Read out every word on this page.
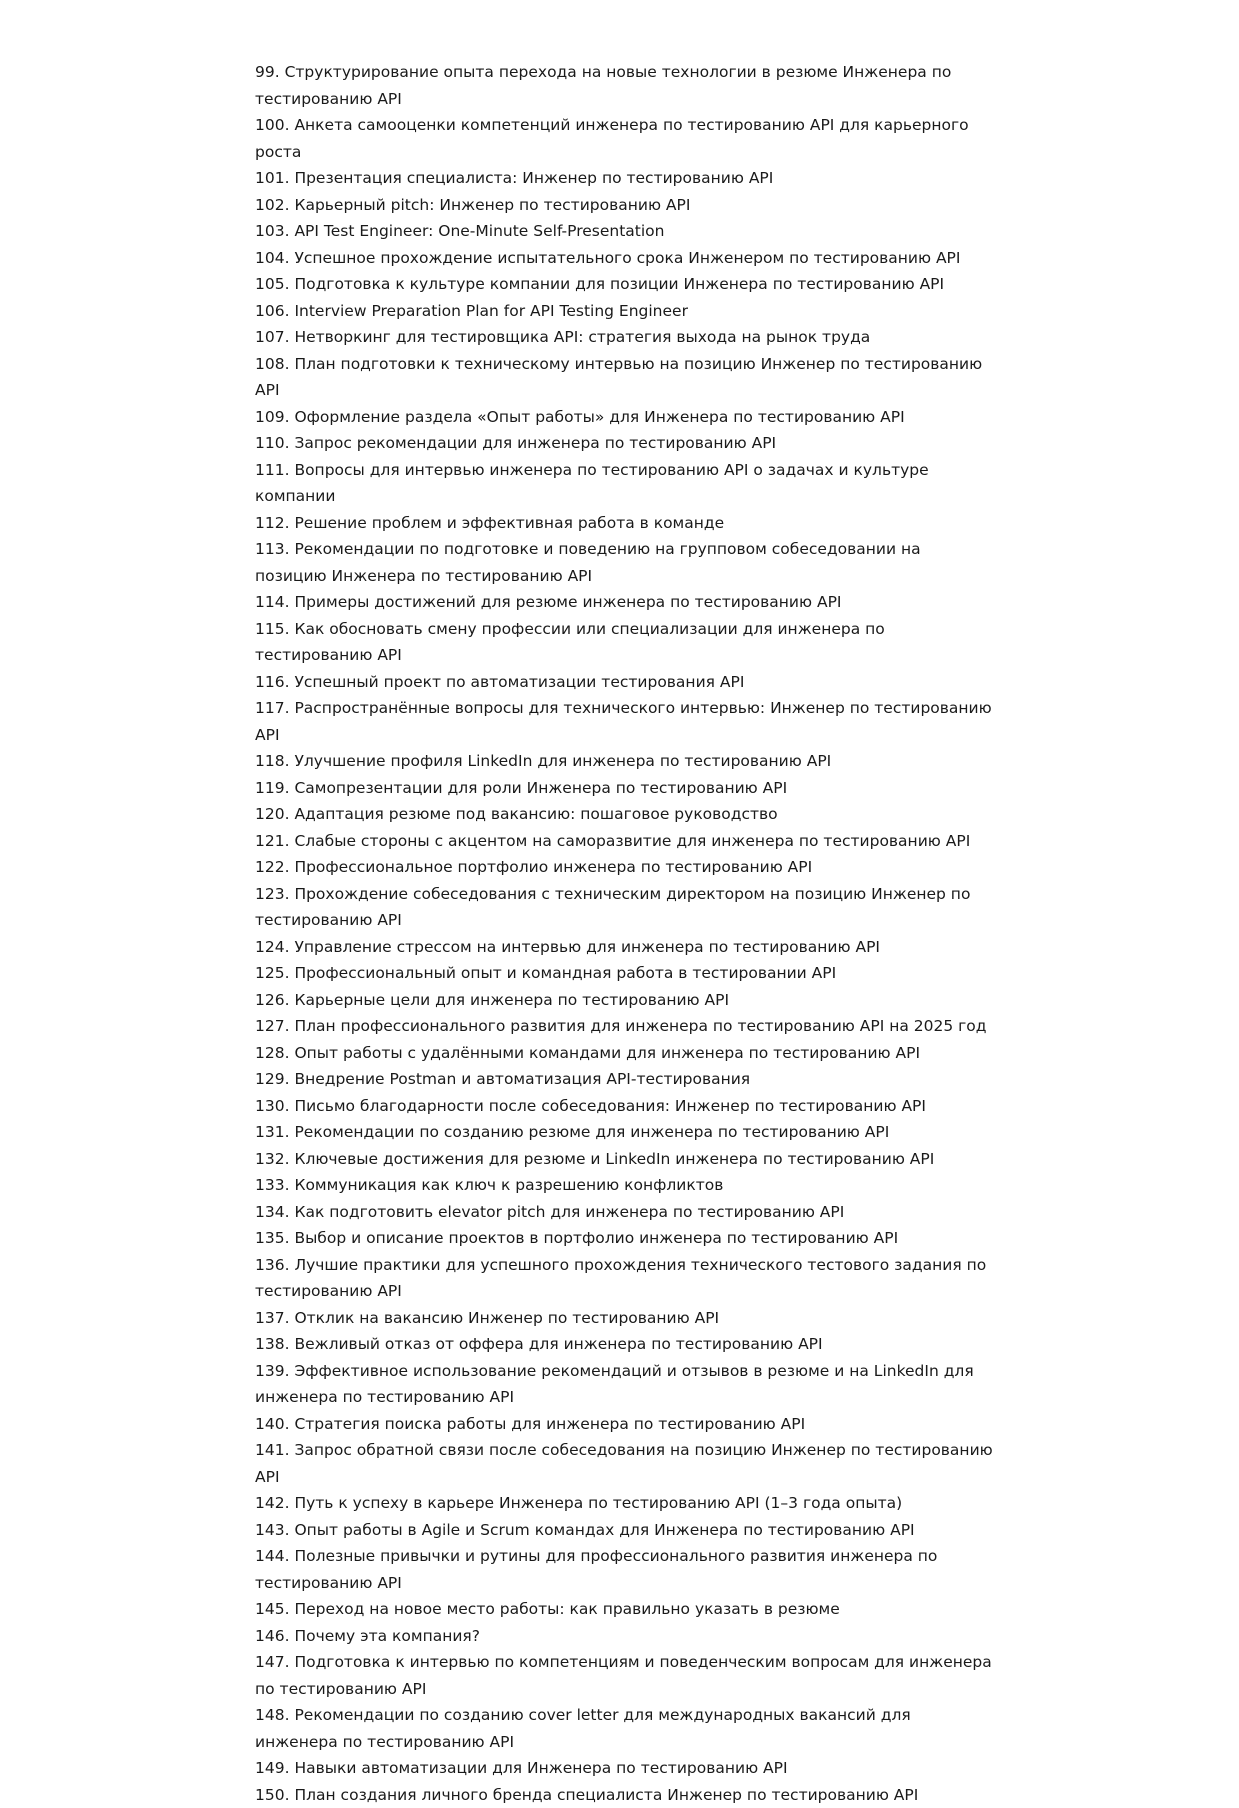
99. Структурирование опыта перехода на новые технологии в резюме Инженера по тестированию API
100. Анкета самооценки компетенций инженера по тестированию API для карьерного роста
101. Презентация специалиста: Инженер по тестированию API
102. Карьерный pitch: Инженер по тестированию API
103. API Test Engineer: One-Minute Self-Presentation
104. Успешное прохождение испытательного срока Инженером по тестированию API
105. Подготовка к культуре компании для позиции Инженера по тестированию API
106. Interview Preparation Plan for API Testing Engineer
107. Нетворкинг для тестировщика API: стратегия выхода на рынок труда
108. План подготовки к техническому интервью на позицию Инженер по тестированию API
109. Оформление раздела «Опыт работы» для Инженера по тестированию API
110. Запрос рекомендации для инженера по тестированию API
111. Вопросы для интервью инженера по тестированию API о задачах и культуре компании
112. Решение проблем и эффективная работа в команде
113. Рекомендации по подготовке и поведению на групповом собеседовании на позицию Инженера по тестированию API
114. Примеры достижений для резюме инженера по тестированию API
115. Как обосновать смену профессии или специализации для инженера по тестированию API
116. Успешный проект по автоматизации тестирования API
117. Распространённые вопросы для технического интервью: Инженер по тестированию API
118. Улучшение профиля LinkedIn для инженера по тестированию API
119. Самопрезентации для роли Инженера по тестированию API
120. Адаптация резюме под вакансию: пошаговое руководство
121. Слабые стороны с акцентом на саморазвитие для инженера по тестированию API
122. Профессиональное портфолио инженера по тестированию API
123. Прохождение собеседования с техническим директором на позицию Инженер по тестированию API
124. Управление стрессом на интервью для инженера по тестированию API
125. Профессиональный опыт и командная работа в тестировании API
126. Карьерные цели для инженера по тестированию API
127. План профессионального развития для инженера по тестированию API на 2025 год
128. Опыт работы с удалёнными командами для инженера по тестированию API
129. Внедрение Postman и автоматизация API-тестирования
130. Письмо благодарности после собеседования: Инженер по тестированию API
131. Рекомендации по созданию резюме для инженера по тестированию API
132. Ключевые достижения для резюме и LinkedIn инженера по тестированию API
133. Коммуникация как ключ к разрешению конфликтов
134. Как подготовить elevator pitch для инженера по тестированию API
135. Выбор и описание проектов в портфолио инженера по тестированию API
136. Лучшие практики для успешного прохождения технического тестового задания по тестированию API
137. Отклик на вакансию Инженер по тестированию API
138. Вежливый отказ от оффера для инженера по тестированию API
139. Эффективное использование рекомендаций и отзывов в резюме и на LinkedIn для инженера по тестированию API
140. Стратегия поиска работы для инженера по тестированию API
141. Запрос обратной связи после собеседования на позицию Инженер по тестированию API
142. Путь к успеху в карьере Инженера по тестированию API (1–3 года опыта)
143. Опыт работы в Agile и Scrum командах для Инженера по тестированию API
144. Полезные привычки и рутины для профессионального развития инженера по тестированию API
145. Переход на новое место работы: как правильно указать в резюме
146. Почему эта компания?
147. Подготовка к интервью по компетенциям и поведенческим вопросам для инженера по тестированию API
148. Рекомендации по созданию cover letter для международных вакансий для инженера по тестированию API
149. Навыки автоматизации для Инженера по тестированию API
150. План создания личного бренда специалиста Инженер по тестированию API
